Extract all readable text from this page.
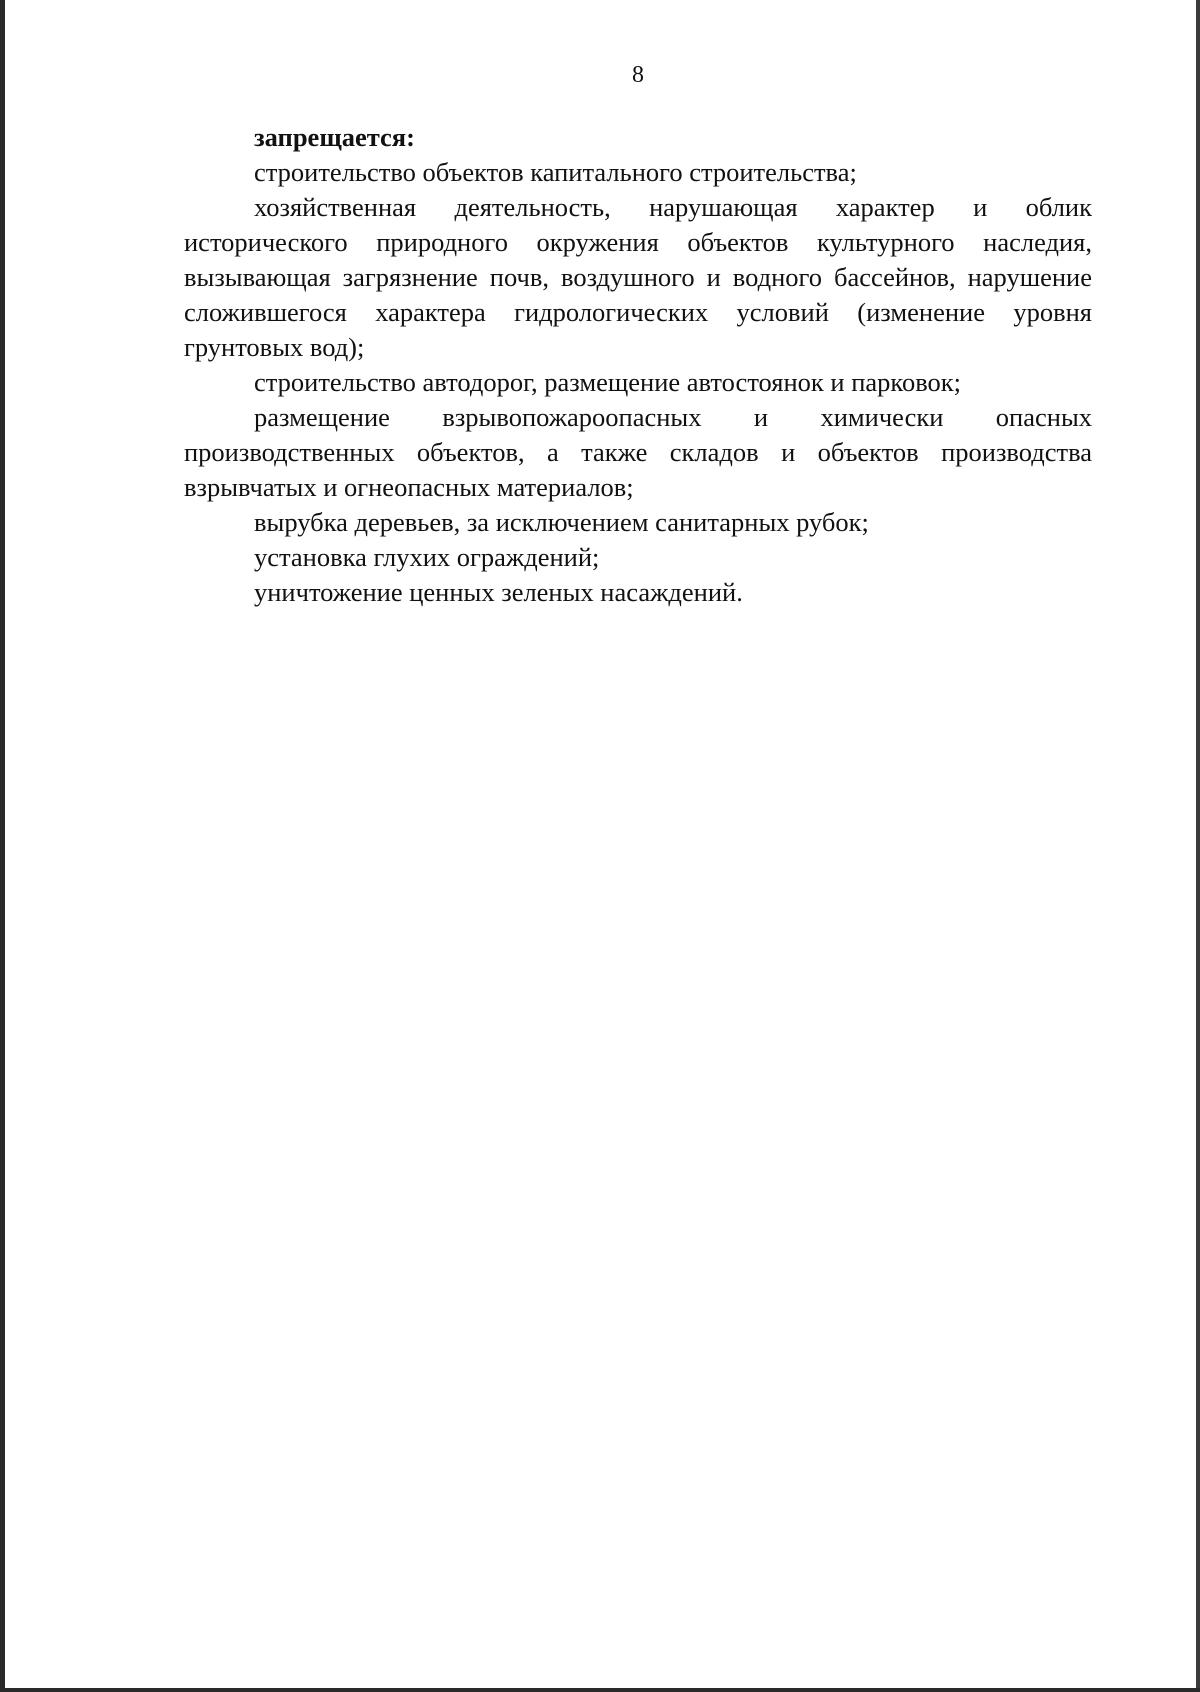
8

запрещается:

строительство объектов капитального строительства;

хозяйственная деятельность, нарушающая характер и облик исторического природного окружения объектов культурного наследия, вызывающая загрязнение почв, воздушного и водного бассейнов, нарушение сложившегося характера гидрологических условий (изменение уровня грунтовых вод);

строительство автодорог, размещение автостоянок и парковок;

размещение взрывопожароопасных и химически опасных производственных объектов, а также складов и объектов производства взрывчатых и огнеопасных материалов;

вырубка деревьев, за исключением санитарных рубок;

установка глухих ограждений;

уничтожение ценных зеленых насаждений.
